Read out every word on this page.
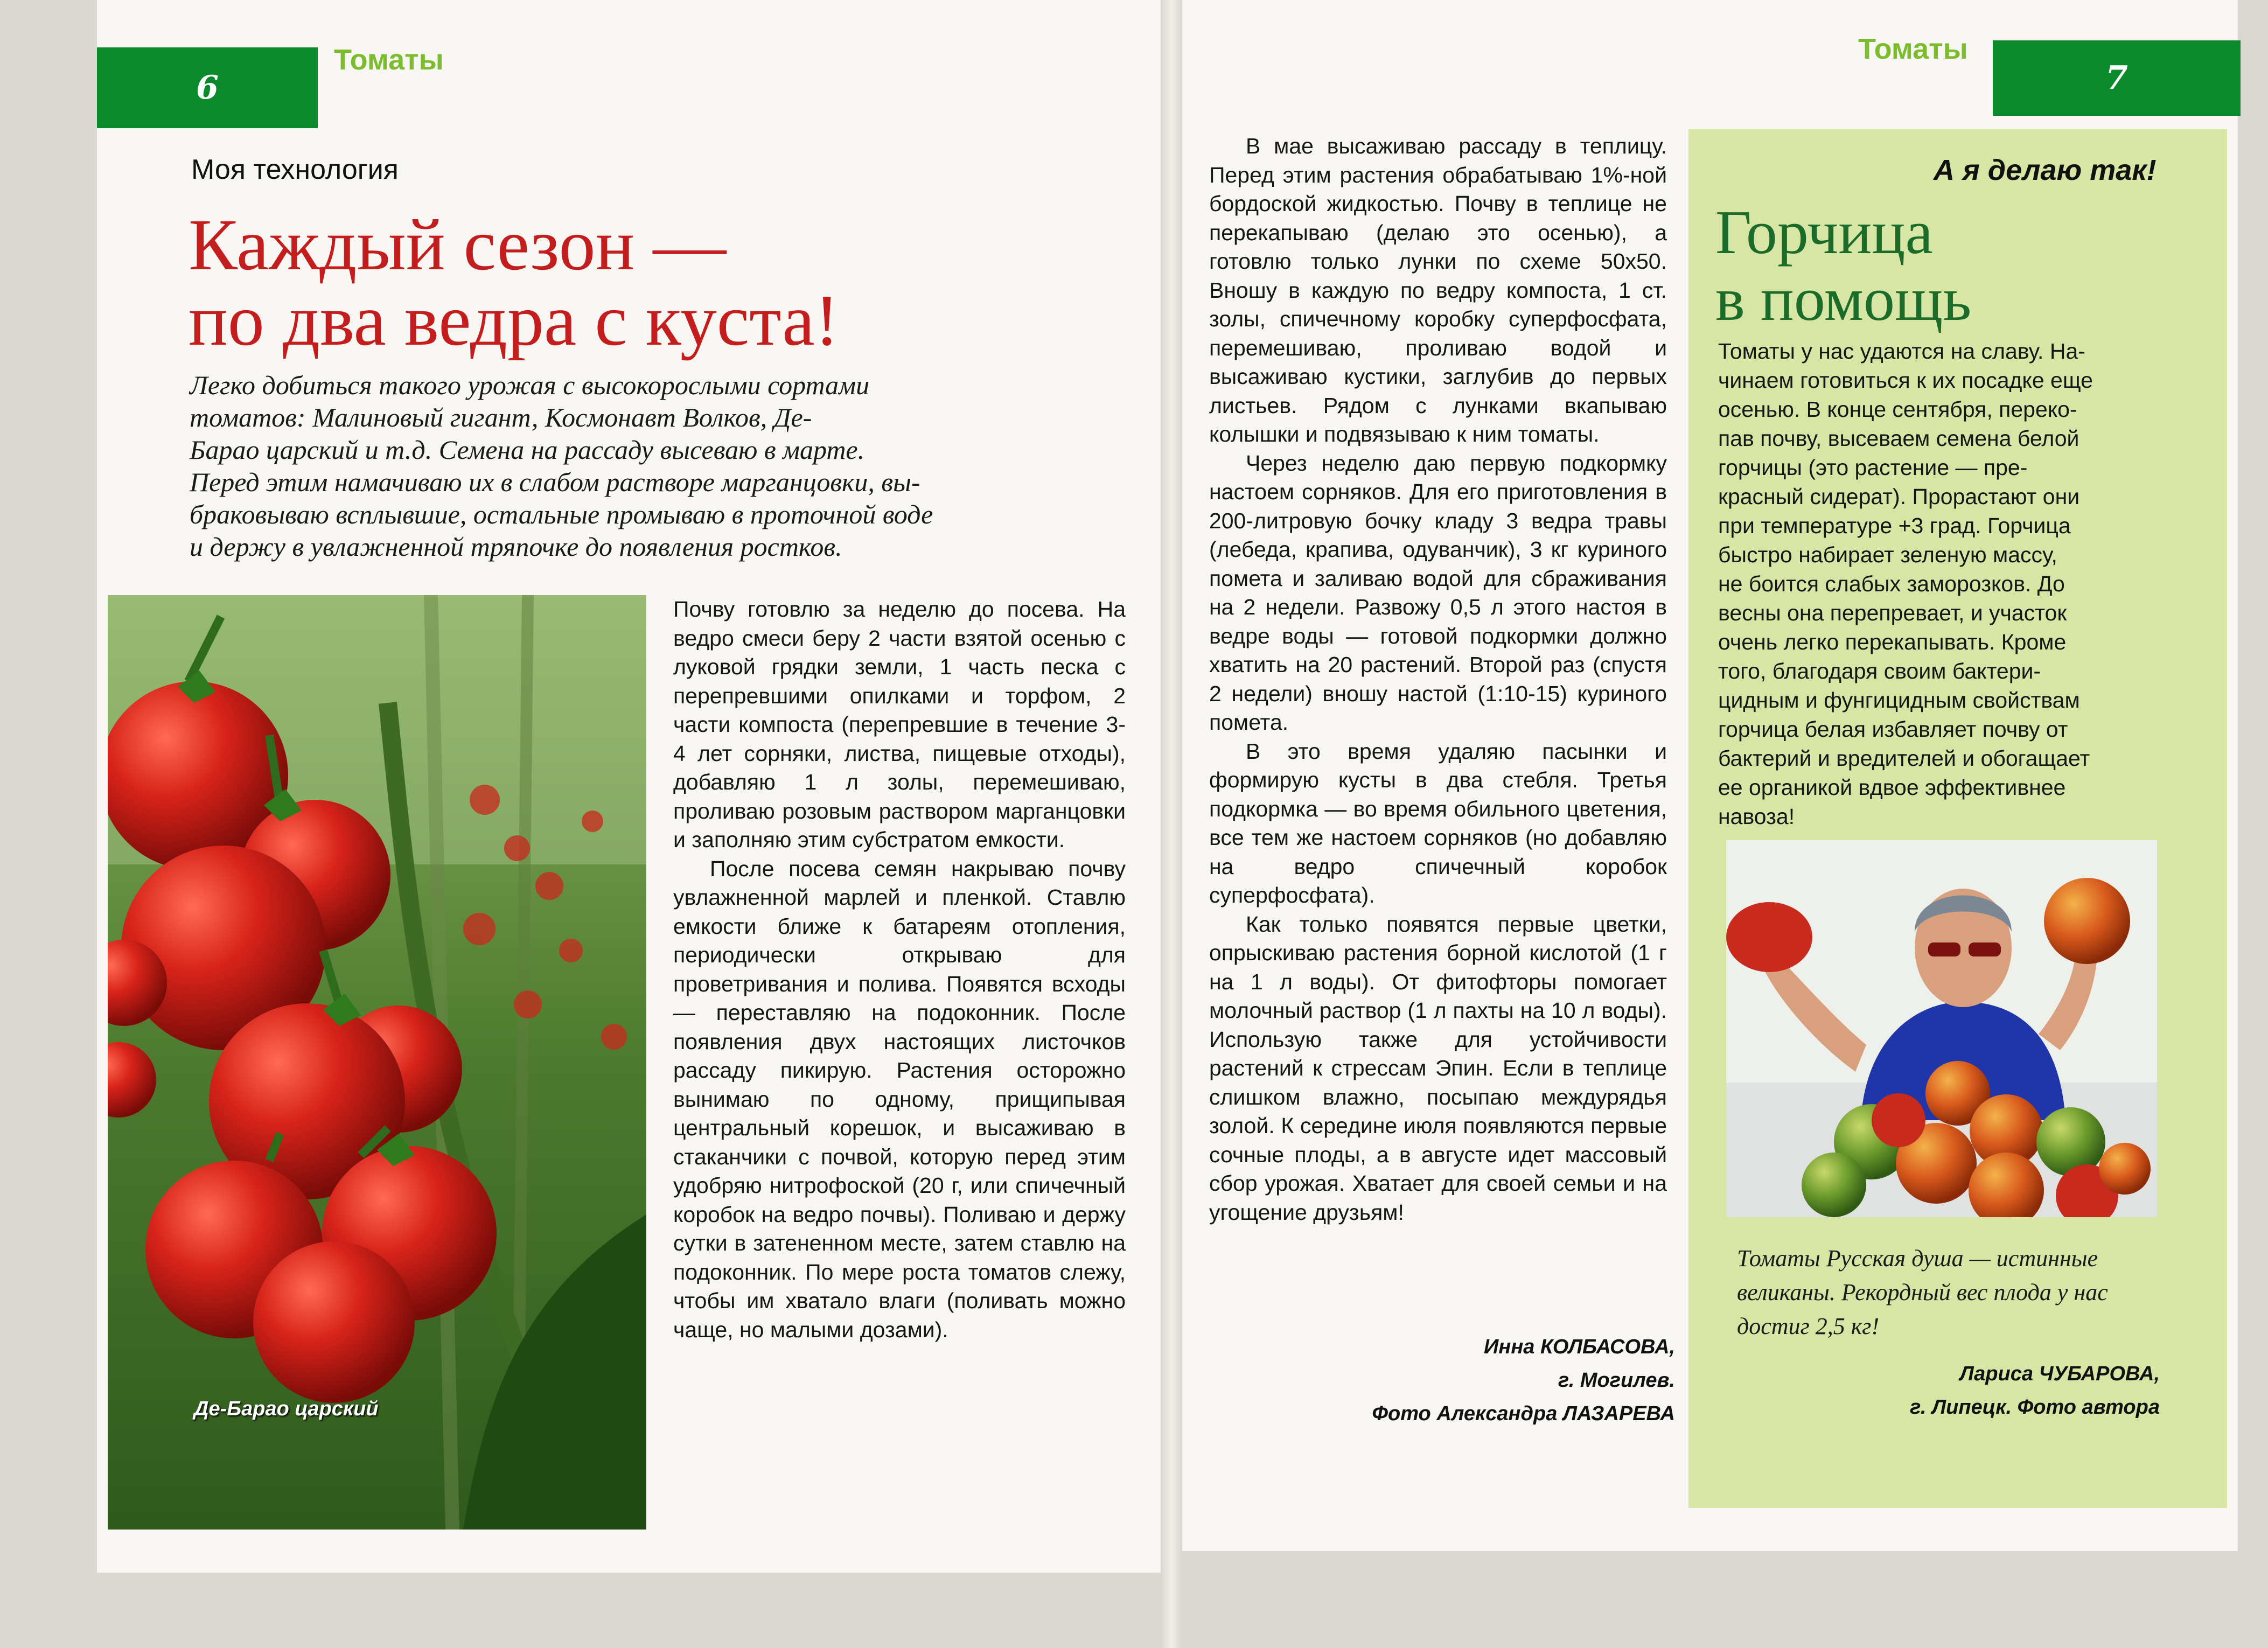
6
Томаты
Моя технология
Каждый сезон —
по два ведра с куста!
Легко добиться такого урожая с высокорослыми сортами
томатов: Малиновый гигант, Космонавт Волков, Де-
Барао царский и т.д. Семена на рассаду высеваю в марте.
Перед этим намачиваю их в слабом растворе марганцовки, вы-
браковываю всплывшие, остальные промываю в проточной воде
и держу в увлажненной тряпочке до появления ростков.
Де-Барао царский

Почву готовлю за неделю до посева. На ведро смеси беру 2 части взятой осенью с луковой грядки земли, 1 часть песка с перепревшими опилками и торфом, 2 части компоста (перепревшие в течение 3-4 лет сорняки, листва, пищевые отходы), добавляю 1 л золы, перемешиваю, проливаю розовым раствором марганцовки и заполняю этим субстратом емкости.

После посева семян накрываю почву увлажненной марлей и пленкой. Ставлю емкости ближе к батареям отопления, периодически открываю для проветривания и полива. Появятся всходы — переставляю на подоконник. После появления двух настоящих листочков рассаду пикирую. Растения осторожно вынимаю по одному, прищипывая центральный корешок, и высаживаю в стаканчики с почвой, которую перед этим удобряю нитрофоской (20 г, или спичечный коробок на ведро почвы). Поливаю и держу сутки в затененном месте, затем ставлю на подоконник. По мере роста томатов слежу, чтобы им хватало влаги (поливать можно чаще, но малыми дозами).

Томаты
7

В мае высаживаю рассаду в теплицу. Перед этим растения обрабатываю 1%-ной бордоской жидкостью. Почву в теплице не перекапываю (делаю это осенью), а готовлю только лунки по схеме 50х50. Вношу в каждую по ведру компоста, 1 ст. золы, спичечному коробку суперфосфата, перемешиваю, проливаю водой и высаживаю кустики, заглубив до первых листьев. Рядом с лунками вкапываю колышки и подвязываю к ним томаты.

Через неделю даю первую подкормку настоем сорняков. Для его приготовления в 200-литровую бочку кладу 3 ведра травы (лебеда, крапива, одуванчик), 3 кг куриного помета и заливаю водой для сбраживания на 2 недели. Развожу 0,5 л этого настоя в ведре воды — готовой подкормки должно хватить на 20 растений. Второй раз (спустя 2 недели) вношу настой (1:10-15) куриного помета.

В это время удаляю пасынки и формирую кусты в два стебля. Третья подкормка — во время обильного цветения, все тем же настоем сорняков (но добавляю на ведро спичечный коробок суперфосфата).

Как только появятся первые цветки, опрыскиваю растения борной кислотой (1 г на 1 л воды). От фитофторы помогает молочный раствор (1 л пахты на 10 л воды). Использую также для устойчивости растений к стрессам Эпин. Если в теплице слишком влажно, посыпаю междурядья золой. К середине июля появляются первые сочные плоды, а в августе идет массовый сбор урожая. Хватает для своей семьи и на угощение друзьям!

Инна КОЛБАСОВА,
г. Могилев.
Фото Александра ЛАЗАРЕВА
А я делаю так!
Горчица
в помощь
Томаты у нас удаются на славу. На-
чинаем готовиться к их посадке еще
осенью. В конце сентября, переко-
пав почву, высеваем семена белой
горчицы (это растение — пре-
красный сидерат). Прорастают они
при температуре +3 град. Горчица
быстро набирает зеленую массу,
не боится слабых заморозков. До
весны она перепревает, и участок
очень легко перекапывать. Кроме
того, благодаря своим бактери-
цидным и фунгицидным свойствам
горчица белая избавляет почву от
бактерий и вредителей и обогащает
ее органикой вдвое эффективнее
навоза!
Томаты Русская душа — истинные
великаны. Рекордный вес плода у нас
достиг 2,5 кг!
Лариса ЧУБАРОВА,
г. Липецк. Фото автора
